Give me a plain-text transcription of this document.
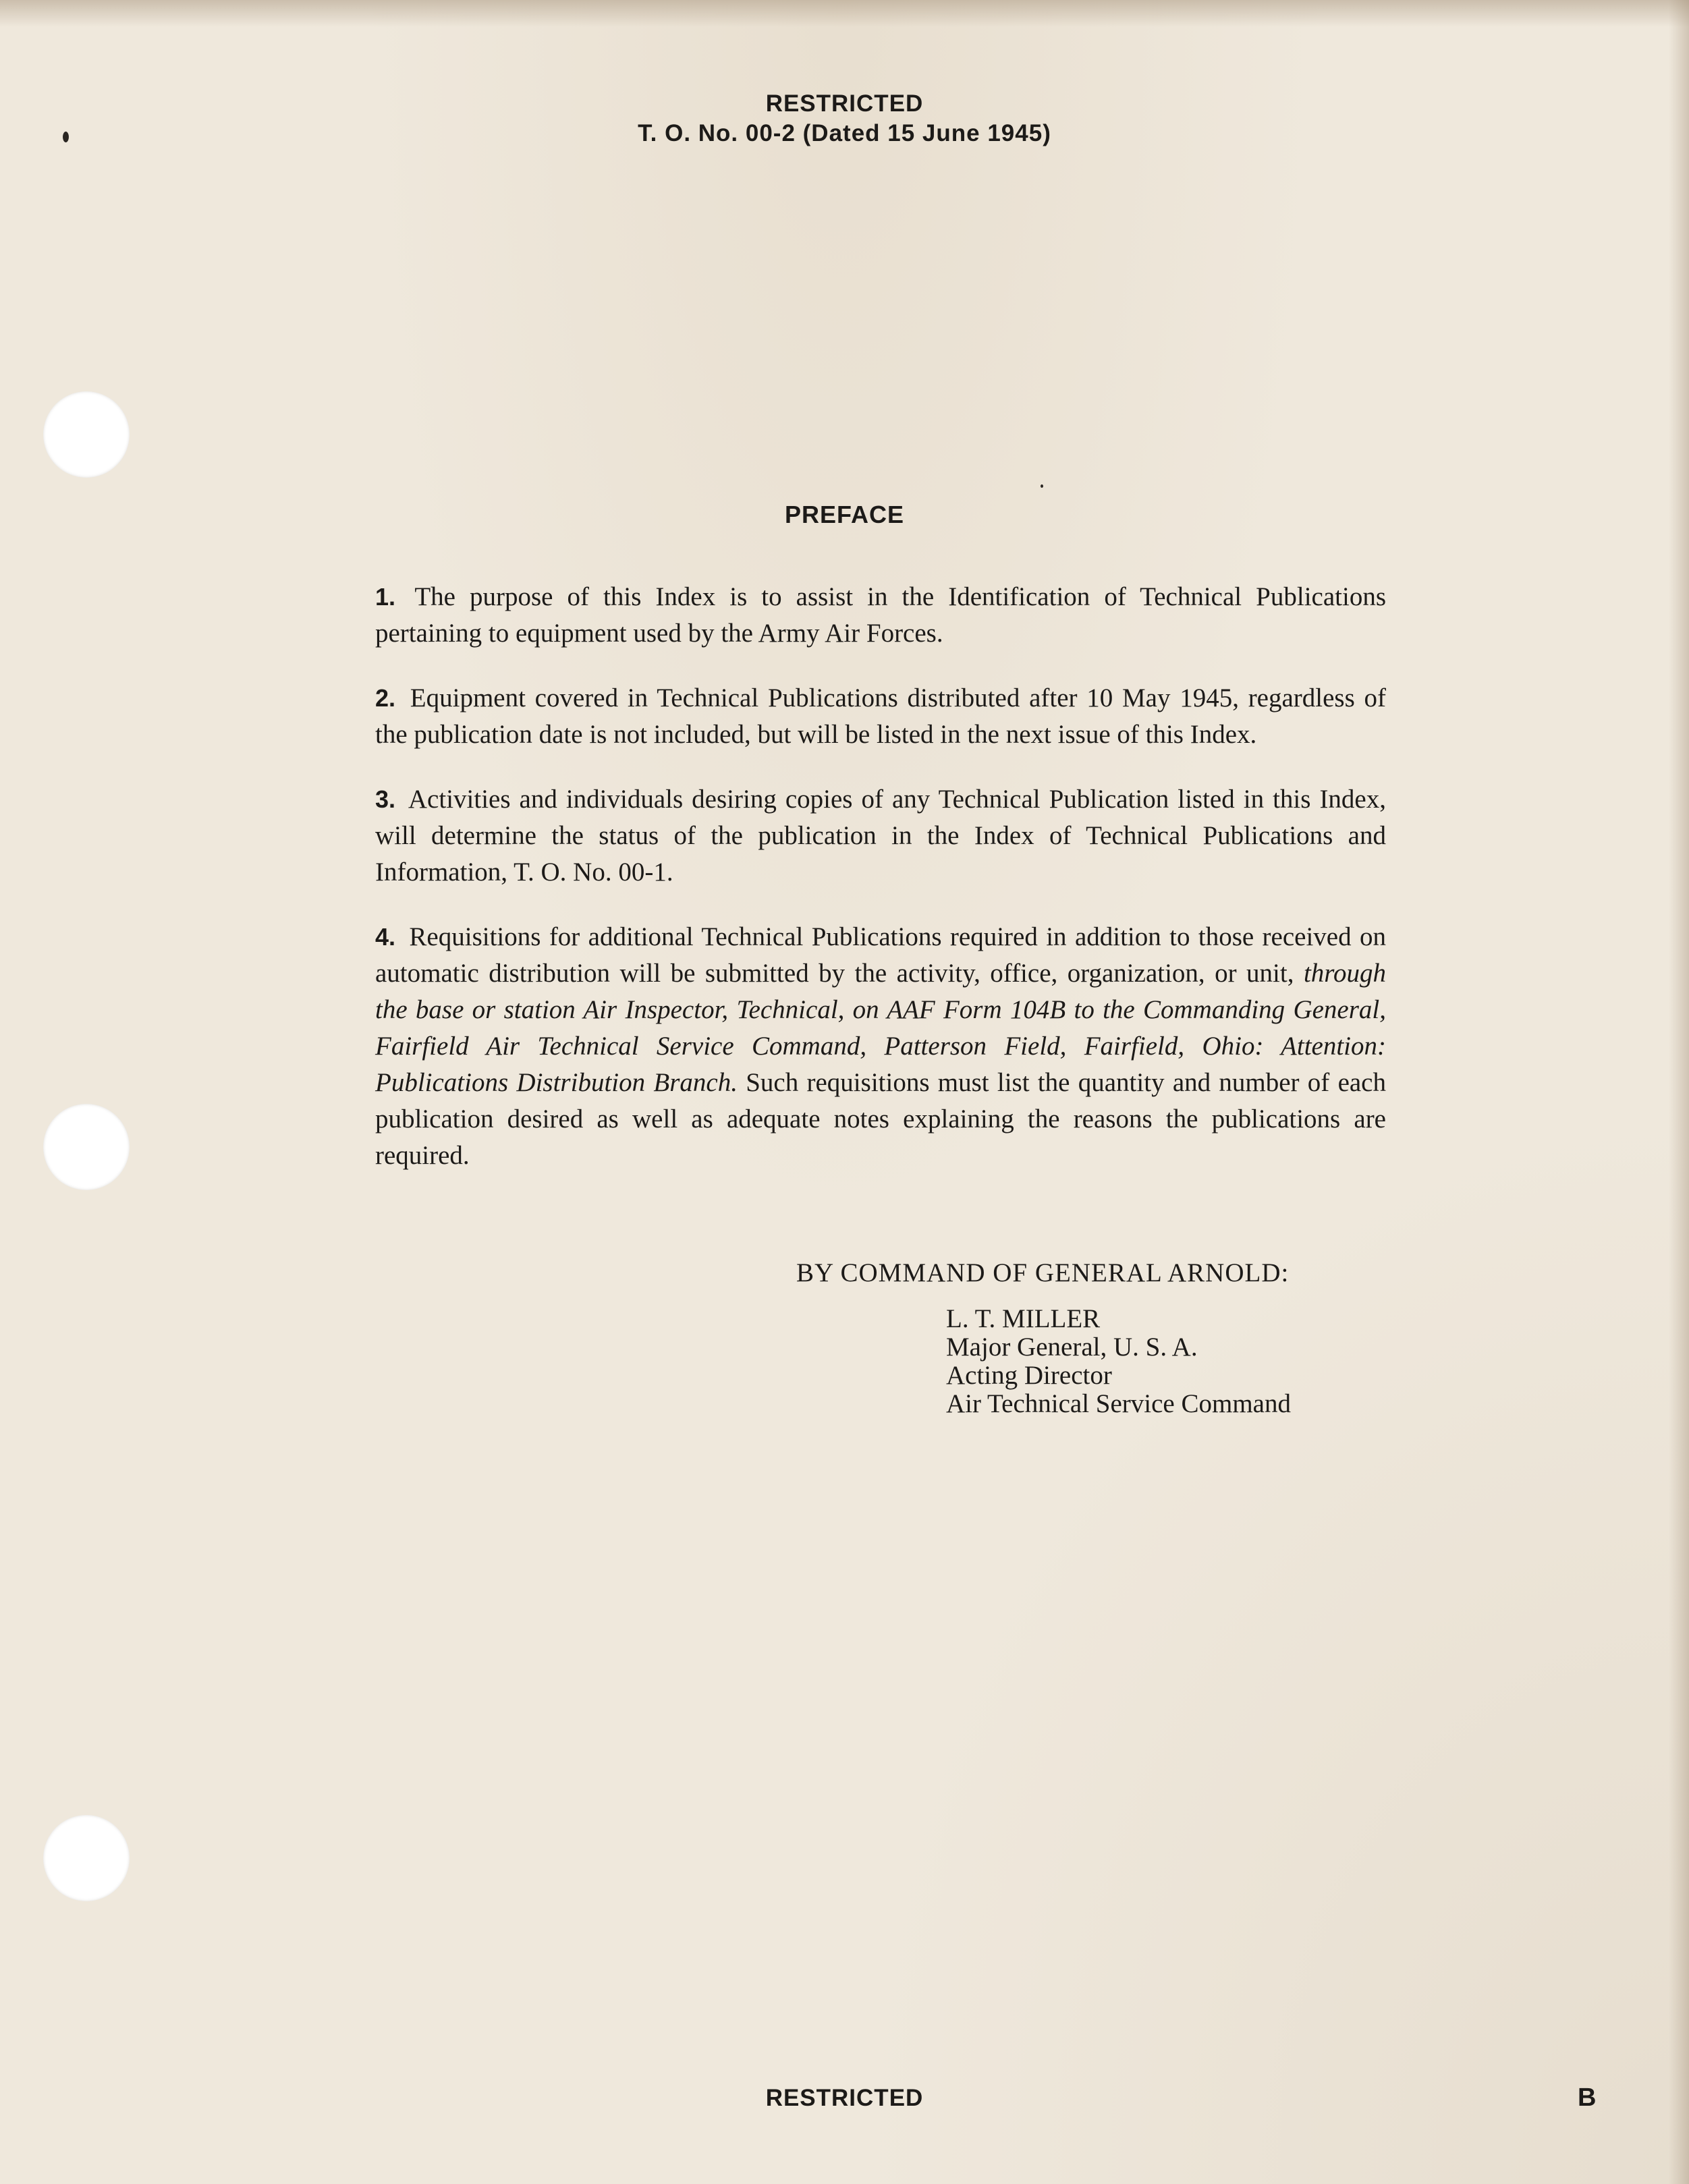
RESTRICTED
T. O. No. 00-2 (Dated 15 June 1945)
PREFACE

1. The purpose of this Index is to assist in the Identification of Technical Publications pertaining to equipment used by the Army Air Forces.

2. Equipment covered in Technical Publications distributed after 10 May 1945, regardless of the publication date is not included, but will be listed in the next issue of this Index.

3. Activities and individuals desiring copies of any Technical Publication listed in this Index, will determine the status of the publication in the Index of Technical Publications and Information, T. O. No. 00-1.

4. Requisitions for additional Technical Publications required in addition to those received on automatic distribution will be submitted by the activity, office, organization, or unit, through the base or station Air Inspector, Technical, on AAF Form 104B to the Commanding General, Fairfield Air Technical Service Command, Patterson Field, Fairfield, Ohio: Attention: Publications Distribution Branch. Such requisitions must list the quantity and number of each publication desired as well as adequate notes explaining the reasons the publications are required.

BY COMMAND OF GENERAL ARNOLD:
L. T. MILLER
Major General, U. S. A.
Acting Director
Air Technical Service Command
RESTRICTED	B
